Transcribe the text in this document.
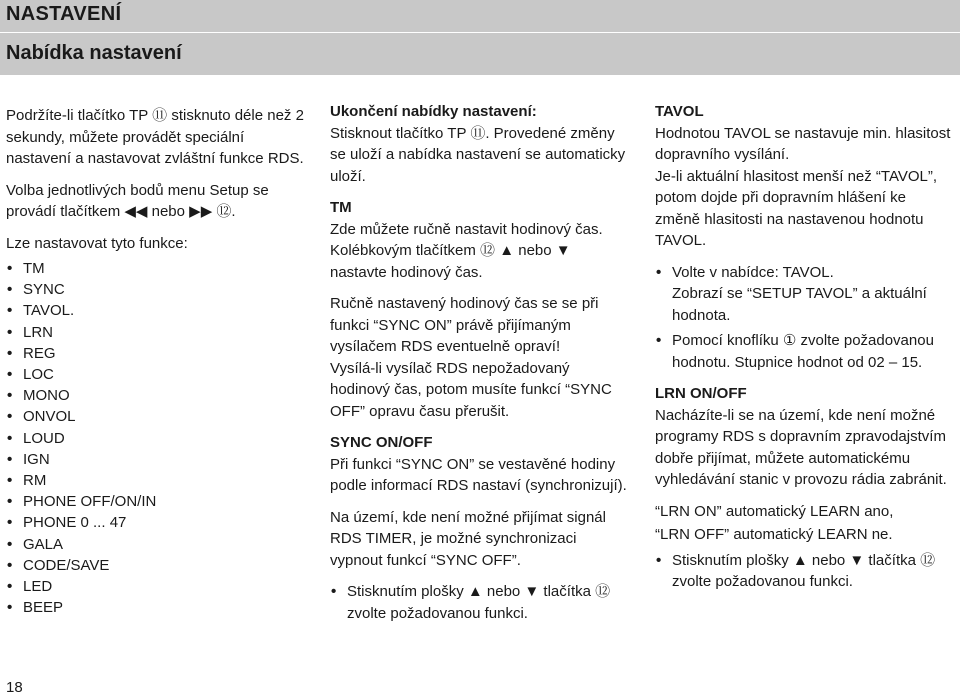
NASTAVENÍ
Nabídka nastavení

Podržíte-li tlačítko TP ⑪ stisknuto déle než 2 sekundy, můžete provádět speciální nastavení a nastavovat zvláštní funkce RDS.

Volba jednotlivých bodů menu Setup se provádí tlačítkem ◀◀ nebo ▶▶ ⑫.

Lze nastavovat tyto funkce:

• TM
• SYNC
• TAVOL.
• LRN
• REG
• LOC
• MONO
• ONVOL
• LOUD
• IGN
• RM
• PHONE OFF/ON/IN
• PHONE 0 ... 47
• GALA
• CODE/SAVE
• LED
• BEEP
Ukončení nabídky nastavení:

Stisknout tlačítko TP ⑪. Provedené změny se uloží a nabídka nastavení se automaticky uloží.

TM

Zde můžete ručně nastavit hodinový čas.
Kolébkovým tlačítkem ⑫ ▲ nebo ▼
nastavte hodinový čas.

Ručně nastavený hodinový čas se se při funkci “SYNC ON” právě přijímaným vysílačem RDS eventuelně opraví!
Vysílá-li vysílač RDS nepožadovaný hodinový čas, potom musíte funkcí “SYNC OFF” opravu času přerušit.

SYNC ON/OFF

Při funkci “SYNC ON” se vestavěné hodiny podle informací RDS nastaví (synchronizují).

Na území, kde není možné přijímat signál RDS TIMER, je možné synchronizaci vypnout funkcí “SYNC OFF”.

• Stisknutím plošky ▲ nebo ▼ tlačítka ⑫
zvolte požadovanou funkci.
TAVOL

Hodnotou TAVOL se nastavuje min. hlasitost dopravního vysílání.
Je-li aktuální hlasitost menší než “TAVOL”, potom dojde při dopravním hlášení ke změně hlasitosti na nastavenou hodnotu TAVOL.

• Volte v nabídce: TAVOL.
Zobrazí se “SETUP TAVOL” a aktuální hodnota.
• Pomocí knoflíku ① zvolte požadovanou hodnotu. Stupnice hodnot od 02 – 15.
LRN ON/OFF

Nacházíte-li se na území, kde není možné programy RDS s dopravním zpravodajstvím dobře přijímat, můžete automatickému vyhledávání stanic v provozu rádia zabránit.

“LRN ON” automatický LEARN ano,

“LRN OFF” automatický LEARN ne.

• Stisknutím plošky ▲ nebo ▼ tlačítka ⑫
zvolte požadovanou funkci.
18
